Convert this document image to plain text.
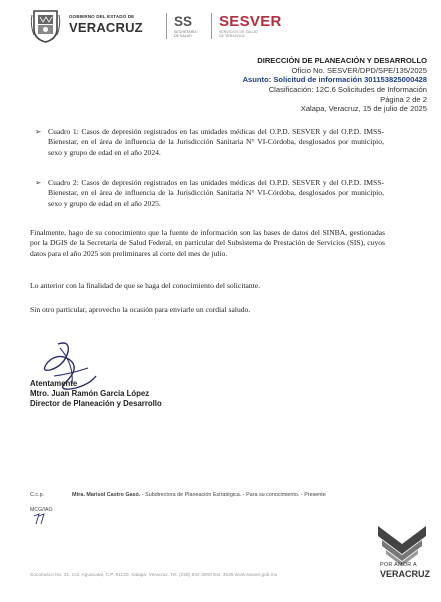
GOBIERNO DEL ESTADO DE
VERACRUZ SS
SECRETARÍA
DE SALUD
SESVER
SERVICIOS DE SALUD
DE VERACRUZ
DIRECCIÓN DE PLANEACIÓN Y DESARROLLO
Oficio No. SESVER/DPD/SPE/135/2025
Asunto: Solicitud de información 301153825000428
Clasificación: 12C.6 Solicitudes de Información
Página 2 de 2
Xalapa, Veracruz, 15 de julio de 2025
➢ Cuadro 1: Casos de depresión registrados en las unidades médicas del O.P.D. SESVER y del O.P.D. IMSS-Bienestar, en el área de influencia de la Jurisdicción Sanitaria N° VI-Córdoba, desglosados por municipio, sexo y grupo de edad en el año 2024.
➢ Cuadro 2: Casos de depresión registrados en las unidades médicas del O.P.D. SESVER y del O.P.D. IMSS-Bienestar, en el área de influencia de la Jurisdicción Sanitaria N° VI-Córdoba, desglosados por municipio, sexo y grupo de edad en el año 2025.
Finalmente, hago de su conocimiento que la fuente de información son las bases de datos del SINBA, gestionadas por la DGIS de la Secretaría de Salud Federal, en particular del Subsistema de Prestación de Servicios (SIS), cuyos datos para el año 2025 son preliminares al corte del mes de julio.
Lo anterior con la finalidad de que se haga del conocimiento del solicitante.
Sin otro particular, aprovecho la ocasión para enviarle un cordial saludo.
Atentamente
Mtro. Juan Ramón García López
Director de Planeación y Desarrollo
C.c.p.	Mtra. Marisol Castro Gasó. - Subdirectora de Planeación Estratégica. - Para su conocimiento. - Presente
MCG/IAO
Soconusco No. 31, Col. Aguacatal, C.P. 91130, Xalapa, Veracruz. Tel. (228) 842-3000 Ext. 3035 www.ssaver.gob.mx
POR AMOR A
VERACRUZ
